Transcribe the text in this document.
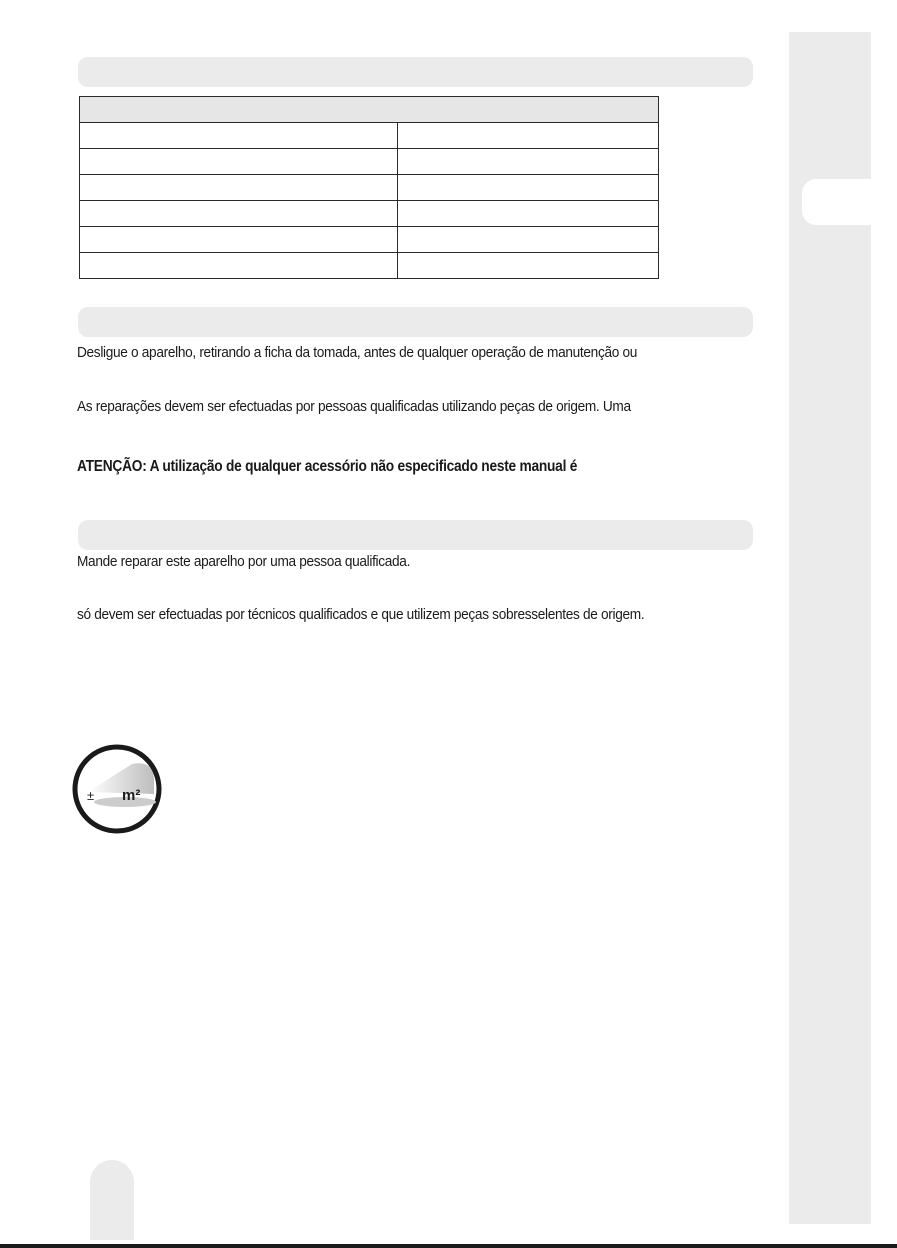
Desligue o aparelho, retirando a ficha da tomada, antes de qualquer operação de manutenção ou
As reparações devem ser efectuadas por pessoas qualificadas utilizando peças de origem. Uma
ATENÇÃO: A utilização de qualquer acessório não especificado neste manual é
Mande reparar este aparelho por uma pessoa qualificada.
só devem ser efectuadas por técnicos qualificados e que utilizem peças sobresselentes de origem.
± m²
